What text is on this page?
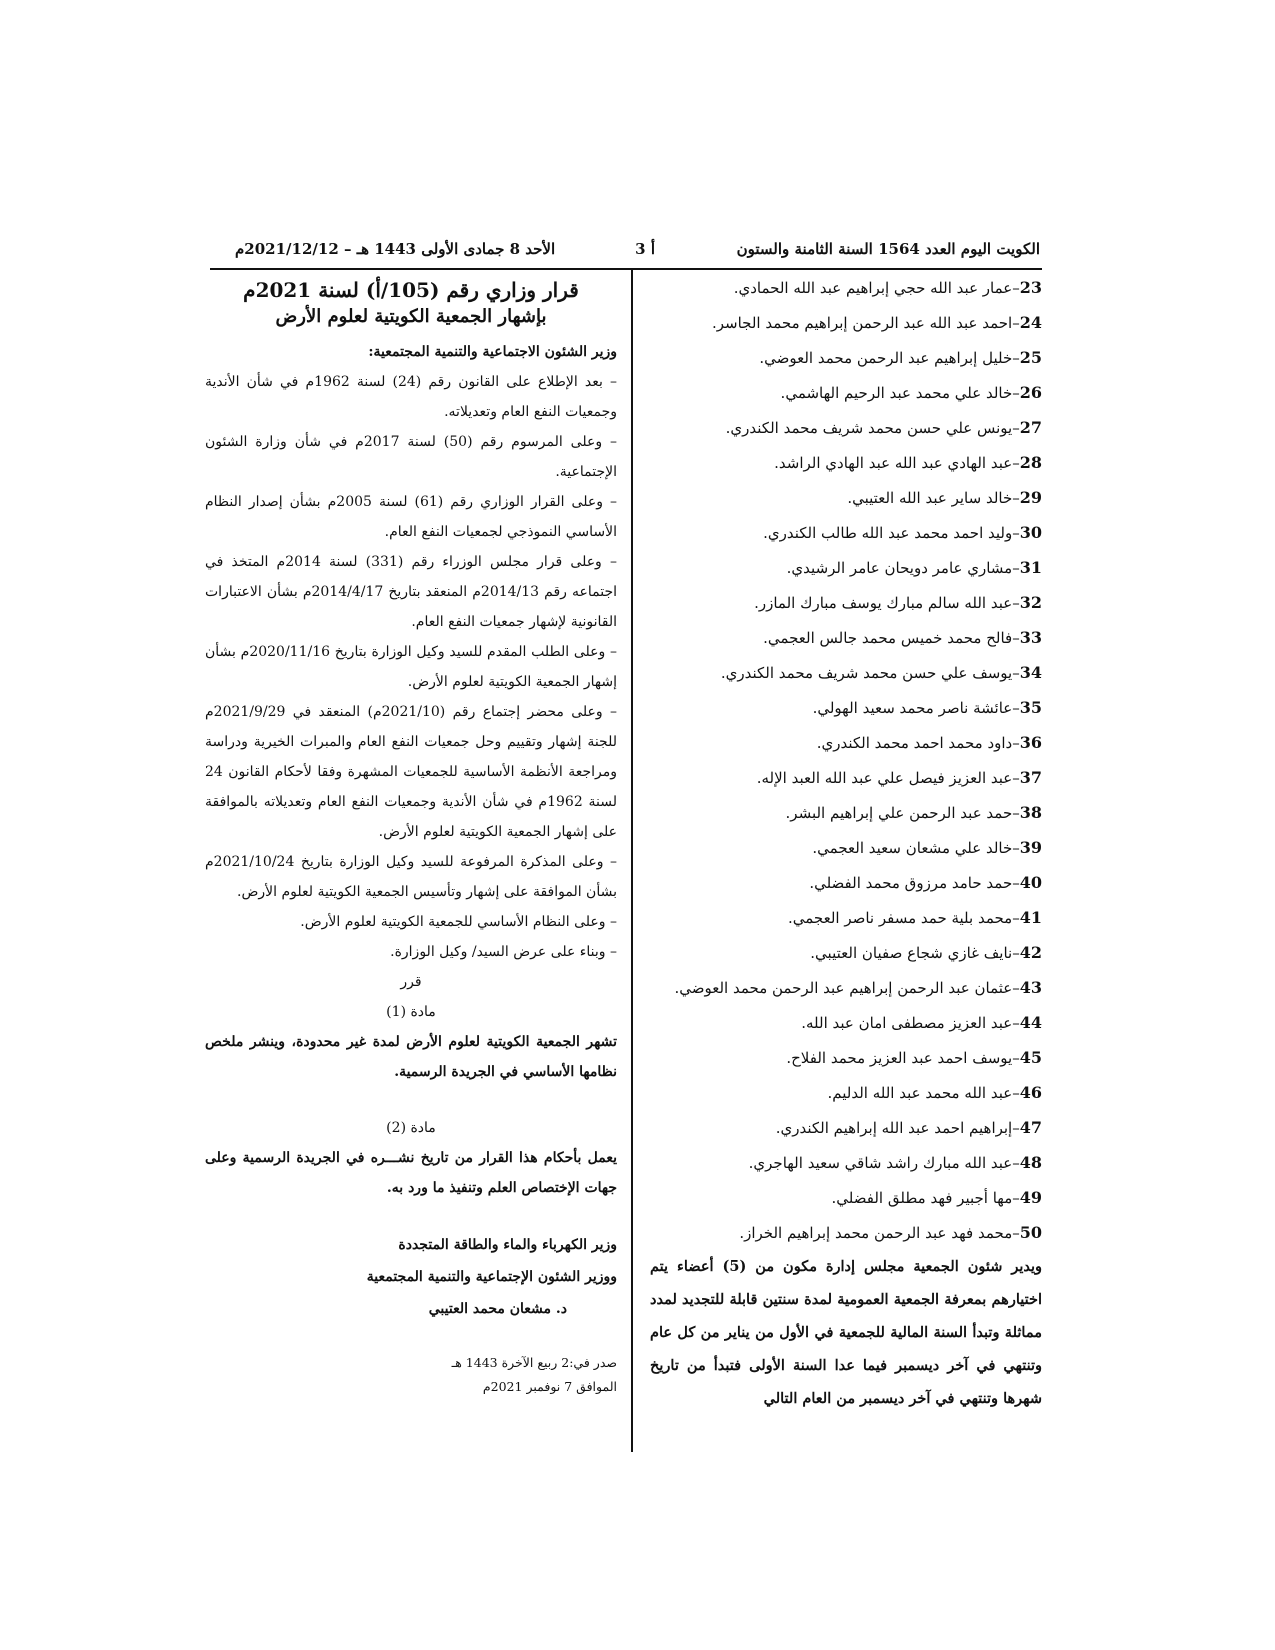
الكويت اليوم العدد 1564 السنة الثامنة والستون
أ 3
الأحد 8 جمادى الأولى 1443 هـ – 2021/12/12م
23–عمار عبد الله حجي إبراهيم عبد الله الحمادي.
24–احمد عبد الله عبد الرحمن إبراهيم محمد الجاسر.
25–خليل إبراهيم عبد الرحمن محمد العوضي.
26–خالد علي محمد عبد الرحيم الهاشمي.
27–يونس علي حسن محمد شريف محمد الكندري.
28–عبد الهادي عبد الله عبد الهادي الراشد.
29–خالد ساير عبد الله العتيبي.
30–وليد احمد محمد عبد الله طالب الكندري.
31–مشاري عامر دويحان عامر الرشيدي.
32–عبد الله سالم مبارك يوسف مبارك المازر.
33–فالح محمد خميس محمد جالس العجمي.
34–يوسف علي حسن محمد شريف محمد الكندري.
35–عائشة ناصر محمد سعيد الهولي.
36–داود محمد احمد محمد الكندري.
37–عبد العزيز فيصل علي عبد الله العبد الإله.
38–حمد عبد الرحمن علي إبراهيم البشر.
39–خالد علي مشعان سعيد العجمي.
40–حمد حامد مرزوق محمد الفضلي.
41–محمد بلية حمد مسفر ناصر العجمي.
42–نايف غازي شجاع صفيان العتيبي.
43–عثمان عبد الرحمن إبراهيم عبد الرحمن محمد العوضي.
44–عبد العزيز مصطفى امان عبد الله.
45–يوسف احمد عبد العزيز محمد الفلاح.
46–عبد الله محمد عبد الله الدليم.
47–إبراهيم احمد عبد الله إبراهيم الكندري.
48–عبد الله مبارك راشد شاقي سعيد الهاجري.
49–مها أجبير فهد مطلق الفضلي.
50–محمد فهد عبد الرحمن محمد إبراهيم الخراز.

ويدير شئون الجمعية مجلس إدارة مكون من (5) أعضاء يتم اختيارهم بمعرفة الجمعية العمومية لمدة سنتين قابلة للتجديد لمدد مماثلة وتبدأ السنة المالية للجمعية في الأول من يناير من كل عام وتنتهي في آخر ديسمبر فيما عدا السنة الأولى فتبدأ من تاريخ شهرها وتنتهي في آخر ديسمبر من العام التالي

قرار وزاري رقم (105/أ) لسنة 2021م
بإشهار الجمعية الكويتية لعلوم الأرض

وزير الشئون الاجتماعية والتنمية المجتمعية:

– بعد الإطلاع على القانون رقم (24) لسنة 1962م في شأن الأندية وجمعيات النفع العام وتعديلاته.

– وعلى المرسوم رقم (50) لسنة 2017م في شأن وزارة الشئون الإجتماعية.

– وعلى القرار الوزاري رقم (61) لسنة 2005م بشأن إصدار النظام الأساسي النموذجي لجمعيات النفع العام.

– وعلى قرار مجلس الوزراء رقم (331) لسنة 2014م المتخذ في اجتماعه رقم 2014/13م المنعقد بتاريخ 2014/4/17م بشأن الاعتبارات القانونية لإشهار جمعيات النفع العام.

– وعلى الطلب المقدم للسيد وكيل الوزارة بتاريخ 2020/11/16م بشأن إشهار الجمعية الكويتية لعلوم الأرض.

– وعلى محضر إجتماع رقم (2021/10م) المنعقد في 2021/9/29م للجنة إشهار وتقييم وحل جمعيات النفع العام والمبرات الخيرية ودراسة ومراجعة الأنظمة الأساسية للجمعيات المشهرة وفقا لأحكام القانون 24 لسنة 1962م في شأن الأندية وجمعيات النفع العام وتعديلاته بالموافقة على إشهار الجمعية الكويتية لعلوم الأرض.

– وعلى المذكرة المرفوعة للسيد وكيل الوزارة بتاريخ 2021/10/24م بشأن الموافقة على إشهار وتأسيس الجمعية الكويتية لعلوم الأرض.

– وعلى النظام الأساسي للجمعية الكويتية لعلوم الأرض.

– وبناء على عرض السيد/ وكيل الوزارة.

قرر

مادة (1)

تشهر الجمعية الكويتية لعلوم الأرض لمدة غير محدودة، وينشر ملخص نظامها الأساسي في الجريدة الرسمية.

مادة (2)

يعمل بأحكام هذا القرار من تاريخ نشـــره في الجريدة الرسمية وعلى جهات الإختصاص العلم وتنفيذ ما ورد به.

وزير الكهرباء والماء والطاقة المتجددة

ووزير الشئون الإجتماعية والتنمية المجتمعية

د. مشعان محمد العتيبي

صدر في:2 ربيع الآخرة 1443 هـ

الموافق 7 نوفمبر 2021م
